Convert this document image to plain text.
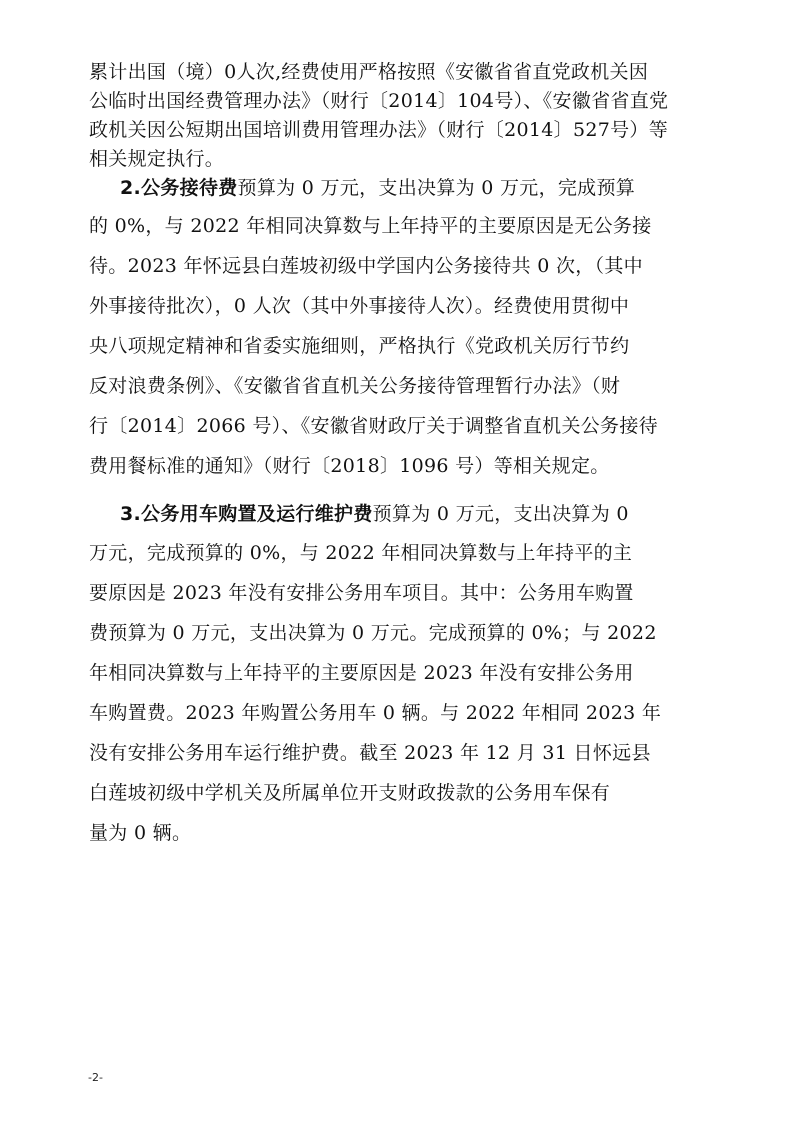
累计出国（境）0人次,经费使用严格按照《安徽省省直党政机关因
公临时出国经费管理办法》（财行〔2014〕104号）、《安徽省省直党
政机关因公短期出国培训费用管理办法》（财行〔2014〕527号）等
相关规定执行。
2.公务接待费预算为 0 万元，支出决算为 0 万元，完成预算
的 0%，与 2022 年相同决算数与上年持平的主要原因是无公务接
待。2023 年怀远县白莲坡初级中学国内公务接待共 0 次，（其中
外事接待批次），0 人次（其中外事接待人次）。经费使用贯彻中
央八项规定精神和省委实施细则，严格执行《党政机关厉行节约
反对浪费条例》、《安徽省省直机关公务接待管理暂行办法》（财
行〔2014〕2066 号）、《安徽省财政厅关于调整省直机关公务接待
费用餐标准的通知》（财行〔2018〕1096 号）等相关规定。
3.公务用车购置及运行维护费预算为 0 万元，支出决算为 0
万元，完成预算的 0%，与 2022 年相同决算数与上年持平的主
要原因是 2023 年没有安排公务用车项目。其中：公务用车购置
费预算为 0 万元，支出决算为 0 万元。完成预算的 0%；与 2022
年相同决算数与上年持平的主要原因是 2023 年没有安排公务用
车购置费。2023 年购置公务用车 0 辆。与 2022 年相同 2023 年
没有安排公务用车运行维护费。截至 2023 年 12 月 31 日怀远县
白莲坡初级中学机关及所属单位开支财政拨款的公务用车保有
量为 0 辆。
-2-
